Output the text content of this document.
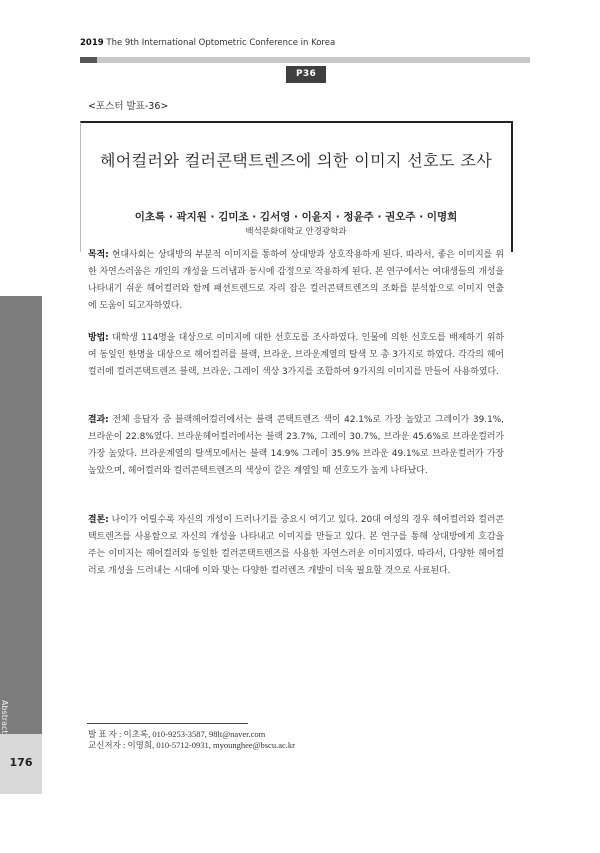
2019 The 9th International Optometric Conference in Korea
P36
<포스터 발표-36>
헤어컬러와 컬러콘택트렌즈에 의한 이미지 선호도 조사
이초록 · 곽지원 · 김미조 · 김서영 · 이윤지 · 정윤주 · 권오주 · 이명희
백석문화대학교 안경광학과
목적: 현대사회는 상대방의 부분적 이미지를 통하여 상대방과 상호작용하게 된다. 따라서, 좋은 이미지를 위한 자연스러움은 개인의 개성을 드러냄과 동시에 감정으로 작용하게 된다. 본 연구에서는 여대생들의 개성을 나타내기 쉬운 헤어컬러와 함께 패션트렌드로 자리 잡은 컬러콘택트렌즈의 조화를 분석함으로 이미지 연출에 도움이 되고자하였다.
방법: 대학생 114명을 대상으로 이미지에 대한 선호도를 조사하였다. 인물에 의한 선호도를 배제하기 위하여 동일인 한명을 대상으로 헤어컬러를 블랙, 브라운, 브라운계열의 탈색 모 총 3가지로 하였다. 각각의 헤어컬러에 컬러콘택트렌즈 블랙, 브라운, 그레이 색상 3가지를 조합하여 9가지의 이미지를 만들어 사용하였다.
결과: 전체 응답자 중 블랙헤어컬러에서는 블랙 콘택트렌즈 색이 42.1%로 가장 높았고 그레이가 39.1%, 브라운이 22.8%였다. 브라운헤어컬러에서는 블랙 23.7%, 그레이 30.7%, 브라운 45.6%로 브라운컬러가 가장 높았다. 브라운계열의 탈색모에서는 블랙 14.9% 그레이 35.9% 브라운 49.1%로 브라운컬러가 가장 높았으며, 헤어컬러와 컬러콘택트렌즈의 색상이 같은 계열일 때 선호도가 높게 나타났다.
결론: 나이가 어릴수록 자신의 개성이 드러나기를 중요시 여기고 있다. 20대 여성의 경우 헤어컬러와 컬러콘택트렌즈를 사용함으로 자신의 개성을 나타내고 이미지를 만들고 있다. 본 연구를 통해 상대방에게 호감을 주는 이미지는 헤어컬러와 동일한 컬러콘택트렌즈를 사용한 자연스러운 이미지였다. 따라서, 다양한 헤어컬러로 개성을 드러내는 시대에 이와 맞는 다양한 컬러렌즈 개발이 더욱 필요할 것으로 사료된다.
발 표 자 : 이초록, 010-9253-3587, 98lt@naver.com
교신저자 : 이명희, 010-5712-0931, myounghee@bscu.ac.kr
Abstract
176
